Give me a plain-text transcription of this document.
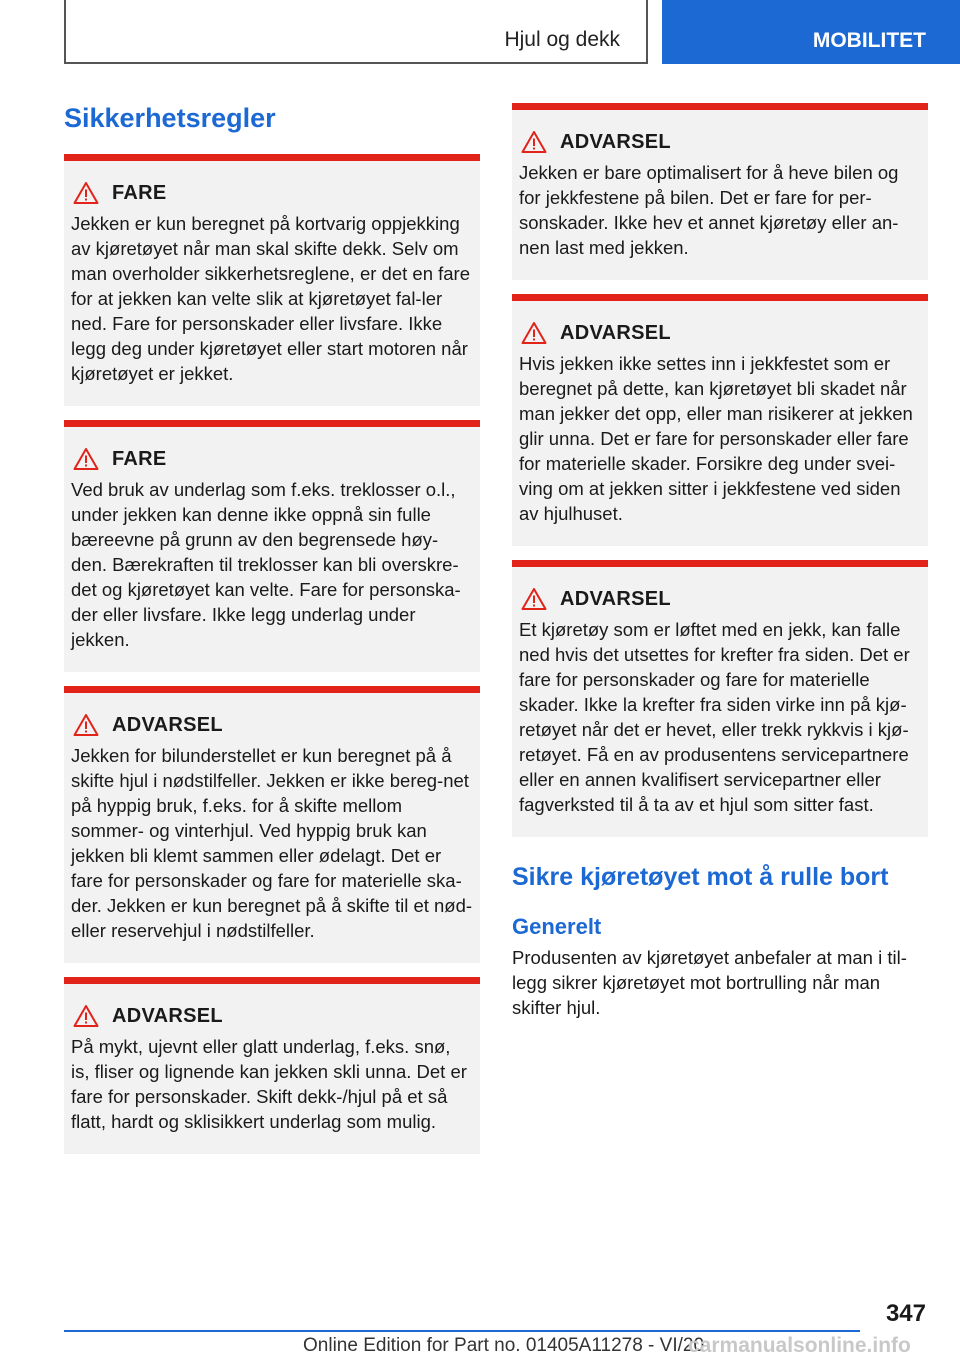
Hjul og dekk	MOBILITET
Sikkerhetsregler
FARE
Jekken er kun beregnet på kortvarig oppjekking av kjøretøyet når man skal skifte dekk. Selv om man overholder sikkerhetsreglene, er det en fare for at jekken kan velte slik at kjøretøyet fal-ler ned. Fare for personskader eller livsfare. Ikke legg deg under kjøretøyet eller start motoren når kjøretøyet er jekket.
FARE
Ved bruk av underlag som f.eks. treklosser o.l., under jekken kan denne ikke oppnå sin fulle bæreevne på grunn av den begrensede høy-den. Bærekraften til treklosser kan bli overskre-det og kjøretøyet kan velte. Fare for personska-der eller livsfare. Ikke legg underlag under jekken.
ADVARSEL
Jekken for bilunderstellet er kun beregnet på å skifte hjul i nødstilfeller. Jekken er ikke bereg-net på hyppig bruk, f.eks. for å skifte mellom sommer- og vinterhjul. Ved hyppig bruk kan jekken bli klemt sammen eller ødelagt. Det er fare for personskader og fare for materielle ska-der. Jekken er kun beregnet på å skifte til et nød- eller reservehjul i nødstilfeller.
ADVARSEL
På mykt, ujevnt eller glatt underlag, f.eks. snø, is, fliser og lignende kan jekken skli unna. Det er fare for personskader. Skift dekk-/hjul på et så flatt, hardt og sklisikkert underlag som mulig.
ADVARSEL
Jekken er bare optimalisert for å heve bilen og for jekkfestene på bilen. Det er fare for per-sonskader. Ikke hev et annet kjøretøy eller an-nen last med jekken.
ADVARSEL
Hvis jekken ikke settes inn i jekkfestet som er beregnet på dette, kan kjøretøyet bli skadet når man jekker det opp, eller man risikerer at jekken glir unna. Det er fare for personskader eller fare for materielle skader. Forsikre deg under svei-ving om at jekken sitter i jekkfestene ved siden av hjulhuset.
ADVARSEL
Et kjøretøy som er løftet med en jekk, kan falle ned hvis det utsettes for krefter fra siden. Det er fare for personskader og fare for materielle skader. Ikke la krefter fra siden virke inn på kjø-retøyet når det er hevet, eller trekk rykkvis i kjø-retøyet. Få en av produsentens servicepartnere eller en annen kvalifisert servicepartner eller fagverksted til å ta av et hjul som sitter fast.
Sikre kjøretøyet mot å rulle bort
Generelt
Produsenten av kjøretøyet anbefaler at man i til-legg sikrer kjøretøyet mot bortrulling når man skifter hjul.
347
Online Edition for Part no. 01405A11278 - VI/20
carmanualsonline.info
